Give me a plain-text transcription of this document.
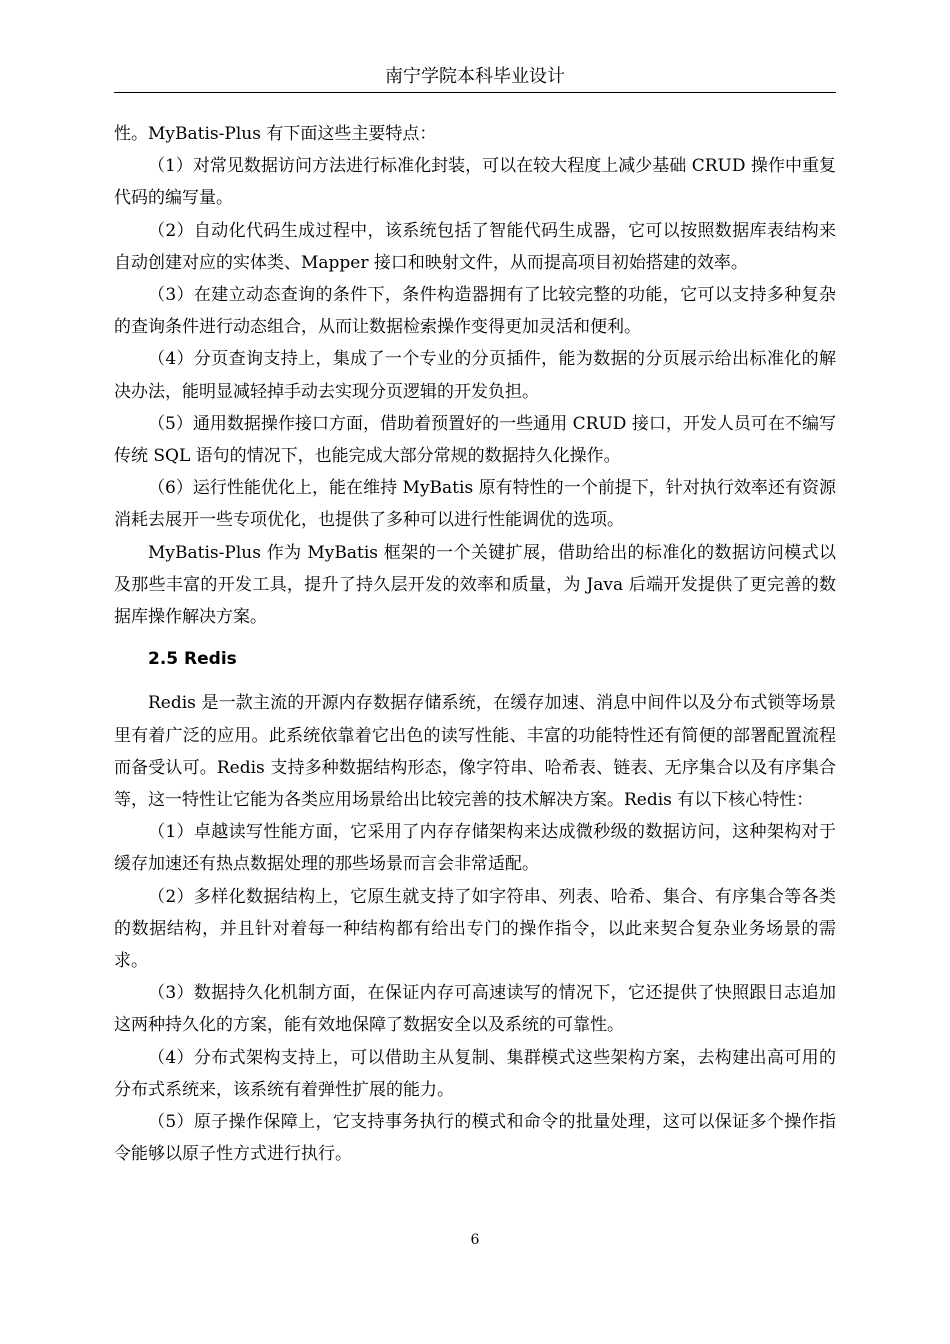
南宁学院本科毕业设计

性。MyBatis-Plus 有下面这些主要特点：

（1）对常见数据访问方法进行标准化封装，可以在较大程度上减少基础 CRUD 操作中重复代码的编写量。

（2）自动化代码生成过程中，该系统包括了智能代码生成器，它可以按照数据库表结构来自动创建对应的实体类、Mapper 接口和映射文件，从而提高项目初始搭建的效率。

（3）在建立动态查询的条件下，条件构造器拥有了比较完整的功能，它可以支持多种复杂的查询条件进行动态组合，从而让数据检索操作变得更加灵活和便利。

（4）分页查询支持上，集成了一个专业的分页插件，能为数据的分页展示给出标准化的解决办法，能明显减轻掉手动去实现分页逻辑的开发负担。

（5）通用数据操作接口方面，借助着预置好的一些通用 CRUD 接口，开发人员可在不编写传统 SQL 语句的情况下，也能完成大部分常规的数据持久化操作。

（6）运行性能优化上，能在维持 MyBatis 原有特性的一个前提下，针对执行效率还有资源消耗去展开一些专项优化，也提供了多种可以进行性能调优的选项。

MyBatis-Plus 作为 MyBatis 框架的一个关键扩展，借助给出的标准化的数据访问模式以及那些丰富的开发工具，提升了持久层开发的效率和质量，为 Java 后端开发提供了更完善的数据库操作解决方案。

2.5 Redis

Redis 是一款主流的开源内存数据存储系统，在缓存加速、消息中间件以及分布式锁等场景里有着广泛的应用。此系统依靠着它出色的读写性能、丰富的功能特性还有简便的部署配置流程而备受认可。Redis 支持多种数据结构形态，像字符串、哈希表、链表、无序集合以及有序集合等，这一特性让它能为各类应用场景给出比较完善的技术解决方案。Redis 有以下核心特性：

（1）卓越读写性能方面，它采用了内存存储架构来达成微秒级的数据访问，这种架构对于缓存加速还有热点数据处理的那些场景而言会非常适配。

（2）多样化数据结构上，它原生就支持了如字符串、列表、哈希、集合、有序集合等各类的数据结构，并且针对着每一种结构都有给出专门的操作指令，以此来契合复杂业务场景的需求。

（3）数据持久化机制方面，在保证内存可高速读写的情况下，它还提供了快照跟日志追加这两种持久化的方案，能有效地保障了数据安全以及系统的可靠性。

（4）分布式架构支持上，可以借助主从复制、集群模式这些架构方案，去构建出高可用的分布式系统来，该系统有着弹性扩展的能力。

（5）原子操作保障上，它支持事务执行的模式和命令的批量处理，这可以保证多个操作指令能够以原子性方式进行执行。

6
